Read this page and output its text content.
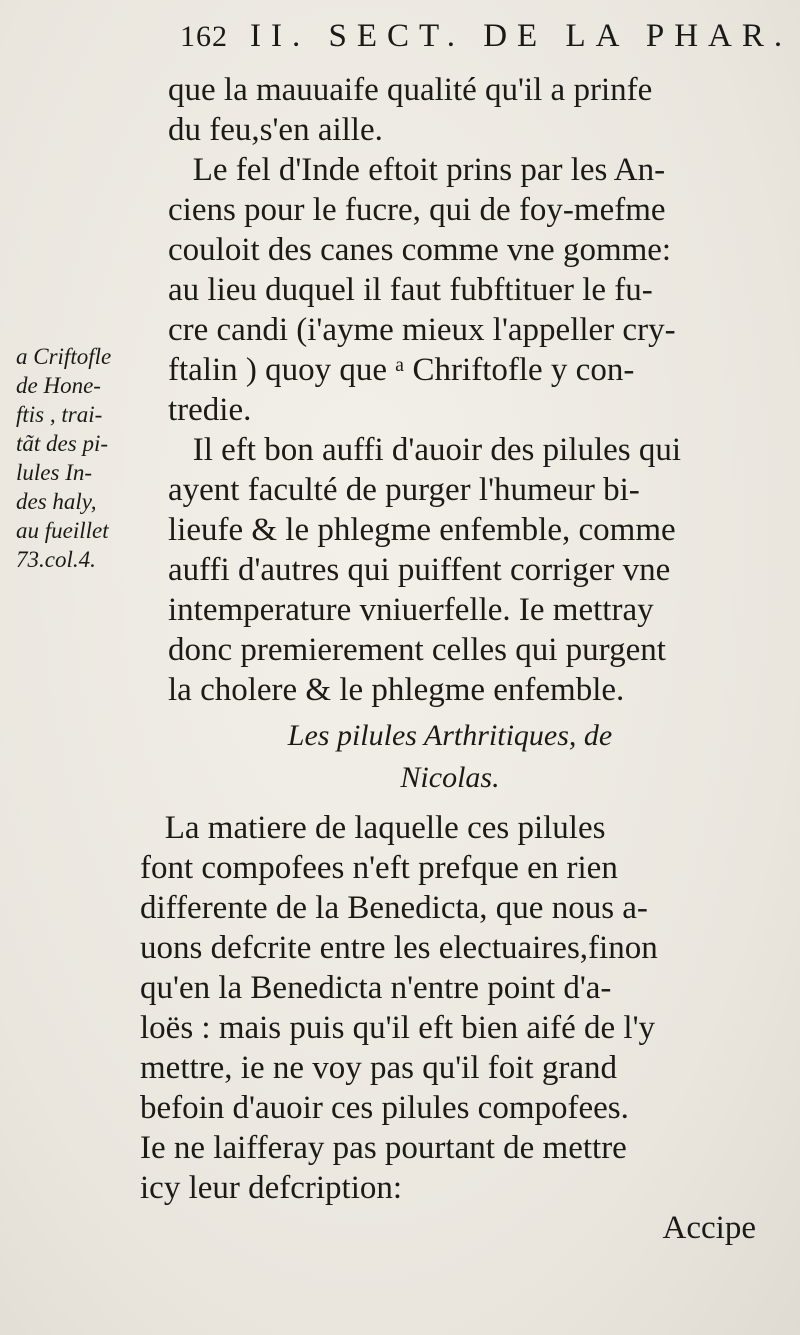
162 II. SECT. DE LA PHAR.
que la mauuaife qualité qu'il a prinfe
du feu,s'en aille.
Le fel d'Inde eftoit prins par les An-
ciens pour le fucre, qui de foy-mefme
couloit des canes comme vne gomme:
au lieu duquel il faut fubftituer le fu-
cre candi (i'ayme mieux l'appeller cry-
ftalin ) quoy que ᵃ Chriftofle y con-
tredie.
Il eft bon auffi d'auoir des pilules qui
ayent faculté de purger l'humeur bi-
lieufe & le phlegme enfemble, comme
auffi d'autres qui puiffent corriger vne
intemperature vniuerfelle. Ie mettray
donc premierement celles qui purgent
la cholere & le phlegme enfemble.
a Criftofle
de Hone-
ftis , trai-
tãt des pi-
lules In-
des haly,
au fueillet
73.col.4.
Les pilules Arthritiques, de
Nicolas.
La matiere de laquelle ces pilules
font compofees n'eft prefque en rien
differente de la Benedicta, que nous a-
uons defcrite entre les electuaires,finon
qu'en la Benedicta n'entre point d'a-
loës : mais puis qu'il eft bien aifé de l'y
mettre, ie ne voy pas qu'il foit grand
befoin d'auoir ces pilules compofees.
Ie ne laifferay pas pourtant de mettre
icy leur defcription:
Accipe
